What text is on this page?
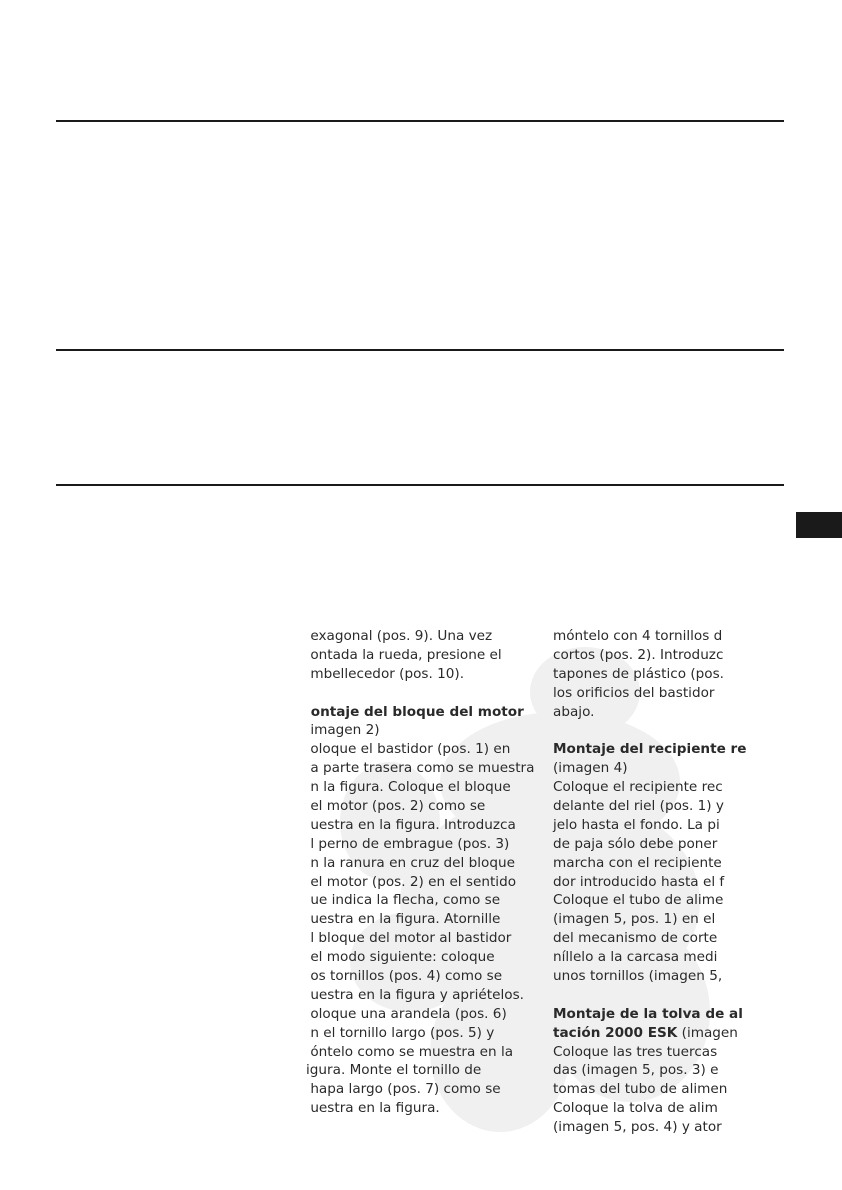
exagonal (pos. 9). Una vez
ontada la rueda, presione el
mbellecedor (pos. 10).
ontaje del bloque del motor
imagen 2)
oloque el bastidor (pos. 1) en
a parte trasera como se muestra
n la figura. Coloque el bloque
el motor (pos. 2) como se
uestra en la figura. Introduzca
l perno de embrague (pos. 3)
n la ranura en cruz del bloque
el motor (pos. 2) en el sentido
ue indica la flecha, como se
uestra en la figura. Atornille
l bloque del motor al bastidor
el modo siguiente: coloque
os tornillos (pos. 4) como se
uestra en la figura y apriételos.
oloque una arandela (pos. 6)
n el tornillo largo (pos. 5) y
óntelo como se muestra en la
igura. Monte el tornillo de
hapa largo (pos. 7) como se
uestra en la figura.
móntelo con 4 tornillos d
cortos (pos. 2). Introduzc
tapones de plástico (pos.
los orificios del bastidor
abajo.
Montaje del recipiente re
(imagen 4)
Coloque el recipiente rec
delante del riel (pos. 1) y
jelo hasta el fondo. La pi
de paja sólo debe poner
marcha con el recipiente
dor introducido hasta el f
Coloque el tubo de alime
(imagen 5, pos. 1) en el
del mecanismo de corte
níllelo a la carcasa medi
unos tornillos (imagen 5,
Montaje de la tolva de al
tación 2000 ESK (imagen
Coloque las tres tuercas
das (imagen 5, pos. 3) e
tomas del tubo de alimen
Coloque la tolva de alim
(imagen 5, pos. 4) y ator
